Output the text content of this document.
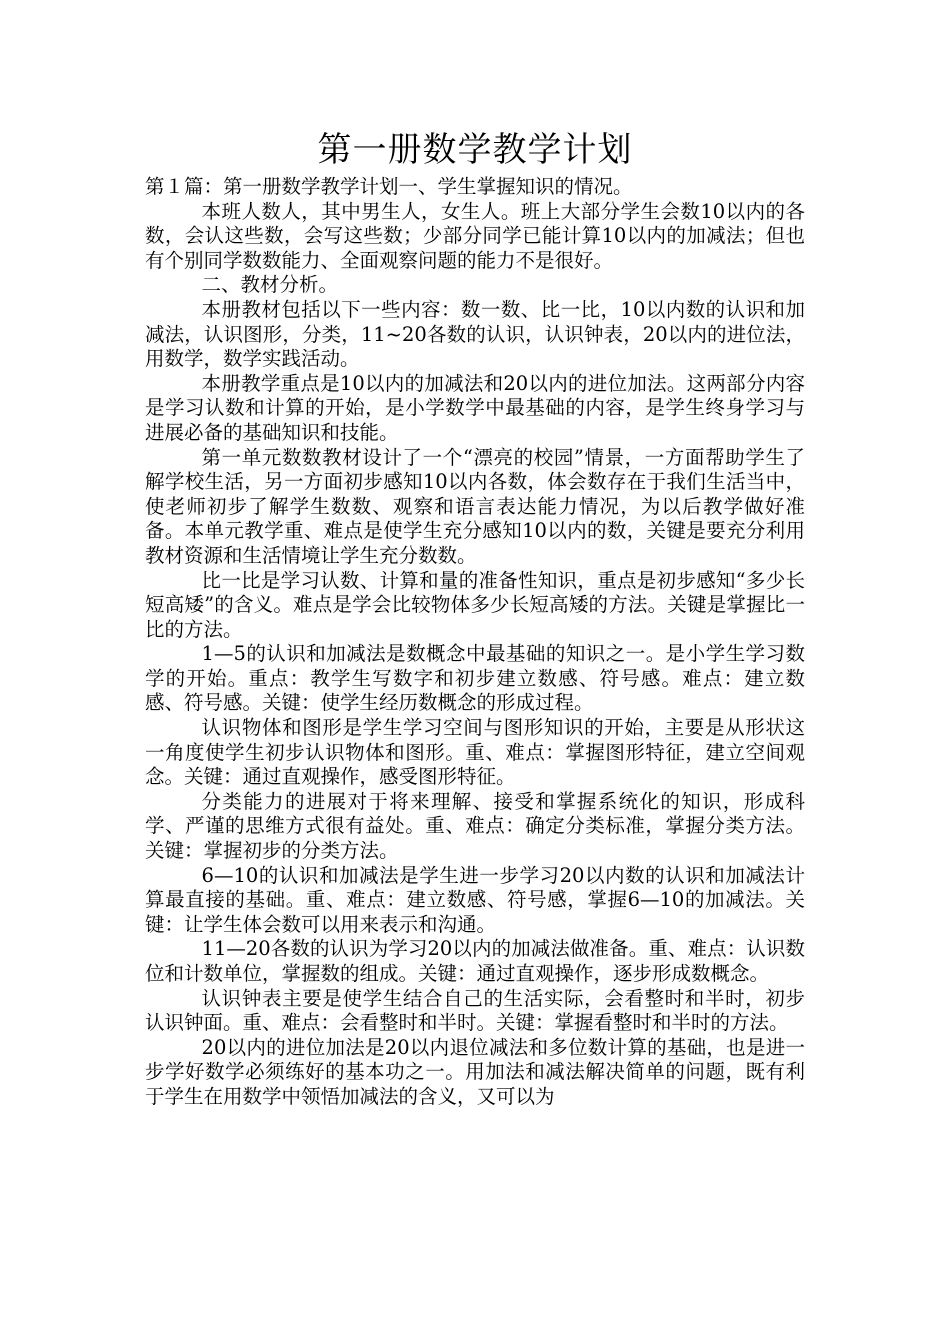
第一册数学教学计划

第１篇：第一册数学教学计划一、学生掌握知识的情况。

本班人数人，其中男生人，女生人。班上大部分学生会数10以内的各数，会认这些数，会写这些数；少部分同学已能计算10以内的加减法；但也有个别同学数数能力、全面观察问题的能力不是很好。

二、教材分析。

本册教材包括以下一些内容：数一数、比一比，10以内数的认识和加减法，认识图形，分类，11~20各数的认识，认识钟表，20以内的进位法，用数学，数学实践活动。

本册教学重点是10以内的加减法和20以内的进位加法。这两部分内容是学习认数和计算的开始，是小学数学中最基础的内容，是学生终身学习与进展必备的基础知识和技能。

第一单元数数教材设计了一个“漂亮的校园”情景，一方面帮助学生了解学校生活，另一方面初步感知10以内各数，体会数存在于我们生活当中，使老师初步了解学生数数、观察和语言表达能力情况，为以后教学做好准备。本单元教学重、难点是使学生充分感知10以内的数，关键是要充分利用教材资源和生活情境让学生充分数数。

比一比是学习认数、计算和量的准备性知识，重点是初步感知“多少长短高矮”的含义。难点是学会比较物体多少长短高矮的方法。关键是掌握比一比的方法。

1—5的认识和加减法是数概念中最基础的知识之一。是小学生学习数学的开始。重点：教学生写数字和初步建立数感、符号感。难点：建立数感、符号感。关键：使学生经历数概念的形成过程。

认识物体和图形是学生学习空间与图形知识的开始，主要是从形状这一角度使学生初步认识物体和图形。重、难点：掌握图形特征，建立空间观念。关键：通过直观操作，感受图形特征。

分类能力的进展对于将来理解、接受和掌握系统化的知识，形成科学、严谨的思维方式很有益处。重、难点：确定分类标准，掌握分类方法。关键：掌握初步的分类方法。

6—10的认识和加减法是学生进一步学习20以内数的认识和加减法计算最直接的基础。重、难点：建立数感、符号感，掌握6—10的加减法。关键：让学生体会数可以用来表示和沟通。

11—20各数的认识为学习20以内的加减法做准备。重、难点：认识数位和计数单位，掌握数的组成。关键：通过直观操作，逐步形成数概念。

认识钟表主要是使学生结合自己的生活实际，会看整时和半时，初步认识钟面。重、难点：会看整时和半时。关键：掌握看整时和半时的方法。

20以内的进位加法是20以内退位减法和多位数计算的基础，也是进一步学好数学必须练好的基本功之一。用加法和减法解决简单的问题，既有利于学生在用数学中领悟加减法的含义，又可以为
